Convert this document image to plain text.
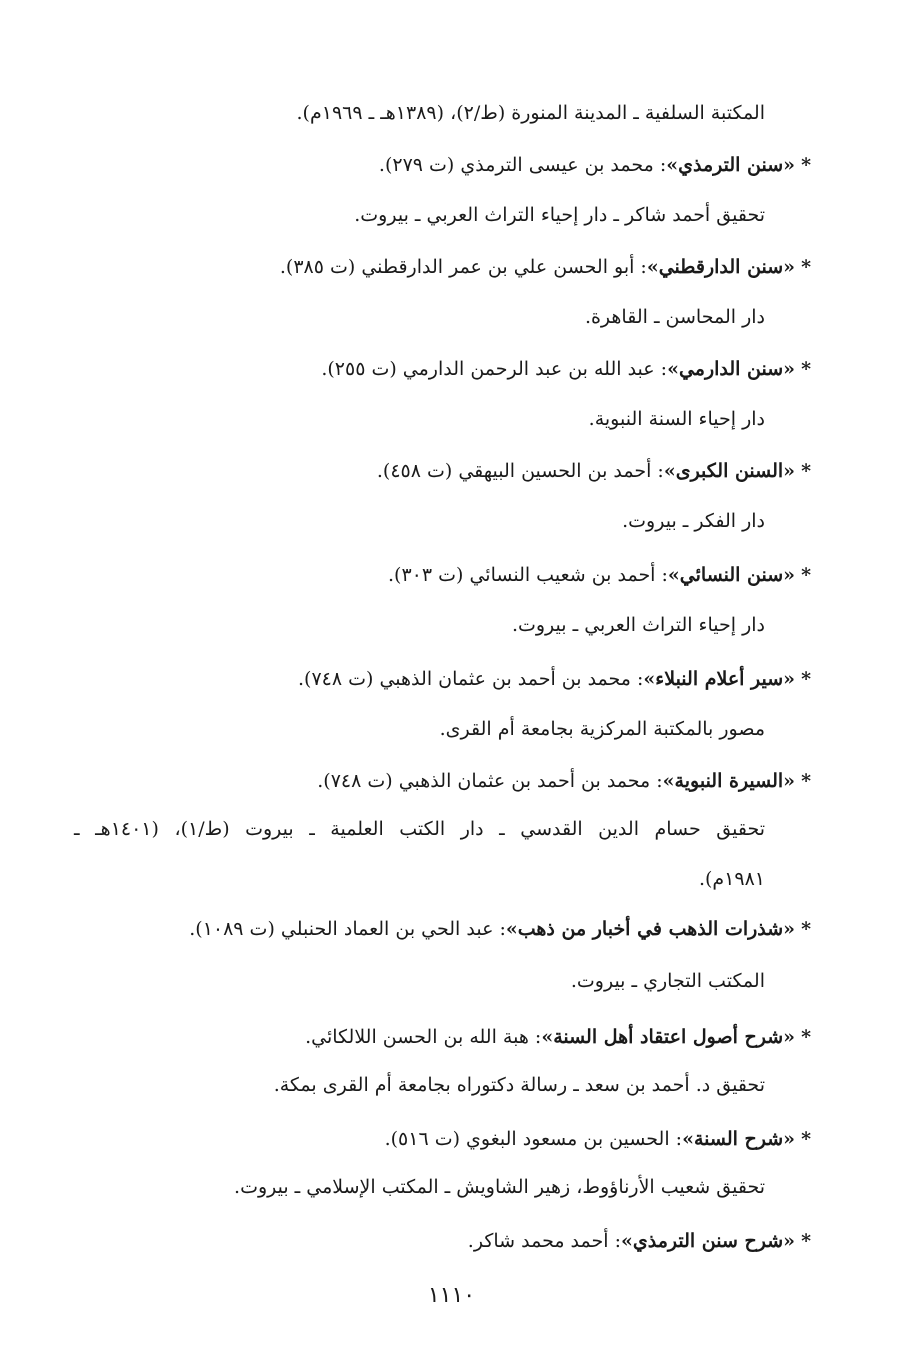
المكتبة السلفية ـ المدينة المنورة (ط/٢)، (١٣٨٩هـ ـ ١٩٦٩م).
*«سنن الترمذي»: محمد بن عيسى الترمذي (ت ٢٧٩).
تحقيق أحمد شاكر ـ دار إحياء التراث العربي ـ بيروت.
*«سنن الدارقطني»: أبو الحسن علي بن عمر الدارقطني (ت ٣٨٥).
دار المحاسن ـ القاهرة.
*«سنن الدارمي»: عبد الله بن عبد الرحمن الدارمي (ت ٢٥٥).
دار إحياء السنة النبوية.
*«السنن الكبرى»: أحمد بن الحسين البيهقي (ت ٤٥٨).
دار الفكر ـ بيروت.
*«سنن النسائي»: أحمد بن شعيب النسائي (ت ٣٠٣).
دار إحياء التراث العربي ـ بيروت.
*«سير أعلام النبلاء»: محمد بن أحمد بن عثمان الذهبي (ت ٧٤٨).
مصور بالمكتبة المركزية بجامعة أم القرى.
*«السيرة النبوية»: محمد بن أحمد بن عثمان الذهبي (ت ٧٤٨).
تحقيق حسام الدين القدسي ـ دار الكتب العلمية ـ بيروت (ط/١)، (١٤٠١هـ ـ
١٩٨١م).
*«شذرات الذهب في أخبار من ذهب»: عبد الحي بن العماد الحنبلي (ت ١٠٨٩).
المكتب التجاري ـ بيروت.
*«شرح أصول اعتقاد أهل السنة»: هبة الله بن الحسن اللالكائي.
تحقيق د. أحمد بن سعد ـ رسالة دكتوراه بجامعة أم القرى بمكة.
*«شرح السنة»: الحسين بن مسعود البغوي (ت ٥١٦).
تحقيق شعيب الأرناؤوط، زهير الشاويش ـ المكتب الإسلامي ـ بيروت.
*«شرح سنن الترمذي»: أحمد محمد شاكر.
١١١٠
